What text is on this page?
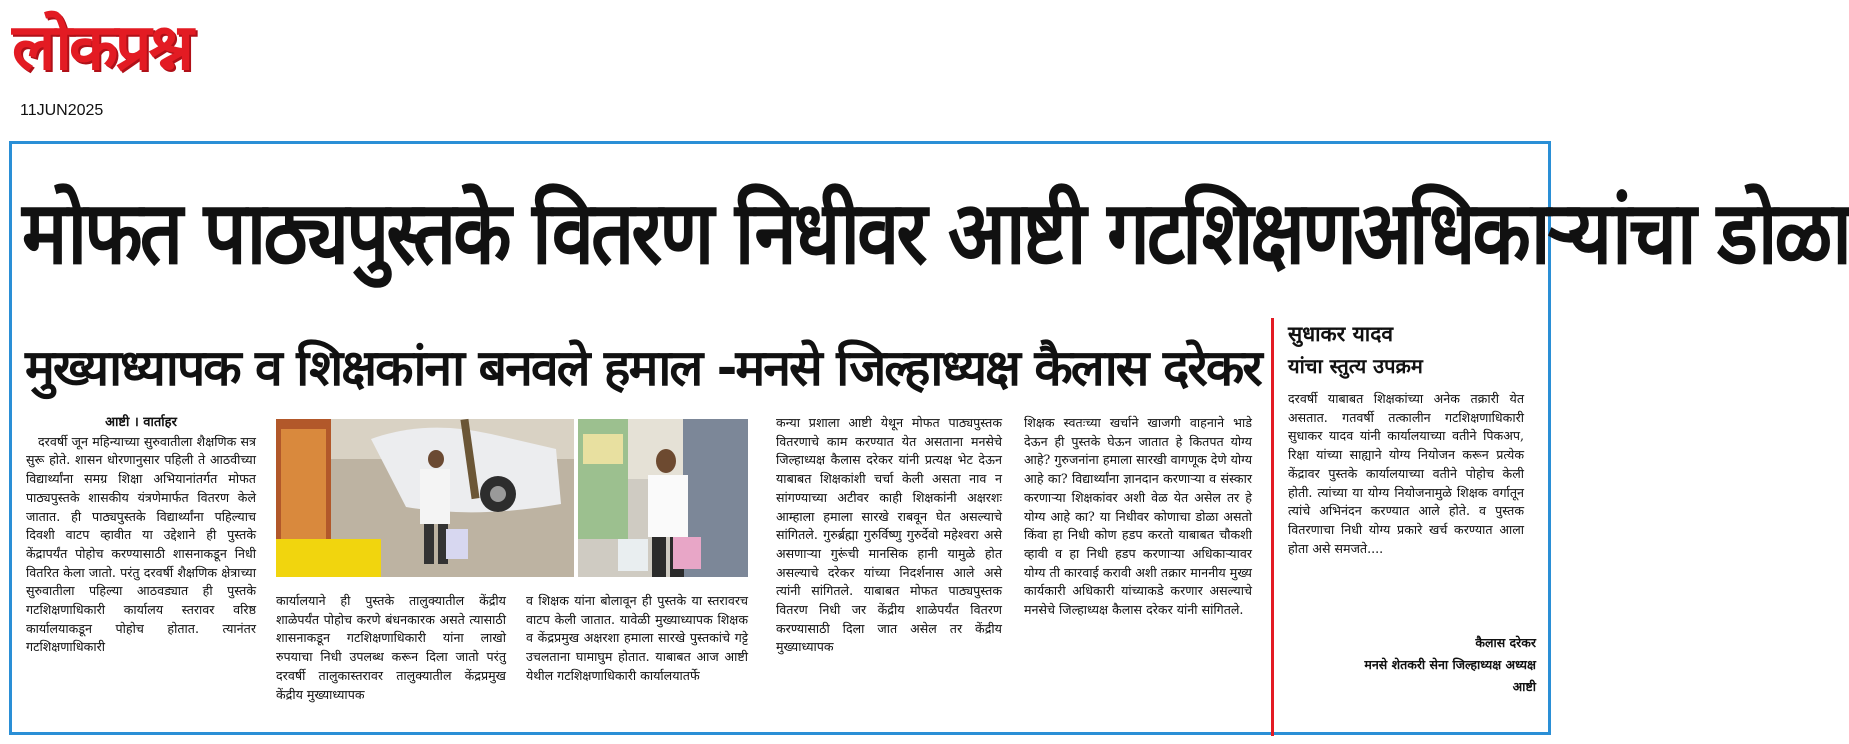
लोकप्रश्न
11JUN2025
मोफत पाठ्यपुस्तके वितरण निधीवर आष्टी गटशिक्षणअधिकाऱ्यांचा डोळा
मुख्याध्यापक व शिक्षकांना बनवले हमाल -मनसे जिल्हाध्यक्ष कैलास दरेकर

आष्टी । वार्ताहर

दरवर्षी जून महिन्याच्या सुरुवातीला शैक्षणिक सत्र सुरू होते. शासन धोरणानुसार पहिली ते आठवीच्या विद्यार्थ्यांना समग्र शिक्षा अभियानांतर्गत मोफत पाठ्यपुस्तके शासकीय यंत्रणेमार्फत वितरण केले जातात. ही पाठ्यपुस्तके विद्यार्थ्यांना पहिल्याच दिवशी वाटप व्हावीत या उद्देशाने ही पुस्तके केंद्रापर्यंत पोहोच करण्यासाठी शासनाकडून निधी वितरित केला जातो. परंतु दरवर्षी शैक्षणिक क्षेत्राच्या सुरुवातीला पहिल्या आठवड्यात ही पुस्तके गटशिक्षणाधिकारी कार्यालय स्तरावर वरिष्ठ कार्यालयाकडून पोहोच होतात. त्यानंतर गटशिक्षणाधिकारी

कार्यालयाने ही पुस्तके तालुक्यातील केंद्रीय शाळेपर्यंत पोहोच करणे बंधनकारक असते त्यासाठी शासनाकडून गटशिक्षणाधिकारी यांना लाखो रुपयाचा निधी उपलब्ध करून दिला जातो परंतु दरवर्षी तालुकास्तरावर तालुक्यातील केंद्रप्रमुख केंद्रीय मुख्याध्यापक

व शिक्षक यांना बोलावून ही पुस्तके या स्तरावरच वाटप केली जातात. यावेळी मुख्याध्यापक शिक्षक व केंद्रप्रमुख अक्षरशा हमाला सारखे पुस्तकांचे गट्टे उचलताना घामाघुम होतात. याबाबत आज आष्टी येथील गटशिक्षणाधिकारी कार्यालयातर्फे

कन्या प्रशाला आष्टी येथून मोफत पाठ्यपुस्तक वितरणाचे काम करण्यात येत असताना मनसेचे जिल्हाध्यक्ष कैलास दरेकर यांनी प्रत्यक्ष भेट देऊन याबाबत शिक्षकांशी चर्चा केली असता नाव न सांगण्याच्या अटीवर काही शिक्षकांनी अक्षरशः आम्हाला हमाला सारखे राबवून घेत असल्याचे सांगितले. गुरुर्ब्रह्मा गुरुर्विष्णु गुरुर्देवो महेश्वरा असे असणाऱ्या गुरूंची मानसिक हानी यामुळे होत असल्याचे दरेकर यांच्या निदर्शनास आले असे त्यांनी सांगितले. याबाबत मोफत पाठ्यपुस्तक वितरण निधी जर केंद्रीय शाळेपर्यंत वितरण करण्यासाठी दिला जात असेल तर केंद्रीय मुख्याध्यापक

शिक्षक स्वतःच्या खर्चाने खाजगी वाहनाने भाडे देऊन ही पुस्तके घेऊन जातात हे कितपत योग्य आहे? गुरुजनांना हमाला सारखी वागणूक देणे योग्य आहे का? विद्यार्थ्यांना ज्ञानदान करणाऱ्या व संस्कार करणाऱ्या शिक्षकांवर अशी वेळ येत असेल तर हे योग्य आहे का? या निधीवर कोणाचा डोळा असतो किंवा हा निधी कोण हडप करतो याबाबत चौकशी व्हावी व हा निधी हडप करणाऱ्या अधिकाऱ्यावर योग्य ती कारवाई करावी अशी तक्रार माननीय मुख्य कार्यकारी अधिकारी यांच्याकडे करणार असल्याचे मनसेचे जिल्हाध्यक्ष कैलास दरेकर यांनी सांगितले.

सुधाकर यादव
यांचा स्तुत्य उपक्रम

दरवर्षी याबाबत शिक्षकांच्या अनेक तक्रारी येत असतात. गतवर्षी तत्कालीन गटशिक्षणाधिकारी सुधाकर यादव यांनी कार्यालयाच्या वतीने पिकअप, रिक्षा यांच्या साह्याने योग्य नियोजन करून प्रत्येक केंद्रावर पुस्तके कार्यालयाच्या वतीने पोहोच केली होती. त्यांच्या या योग्य नियोजनामुळे शिक्षक वर्गातून त्यांचे अभिनंदन करण्यात आले होते. व पुस्तक वितरणाचा निधी योग्य प्रकारे खर्च करण्यात आला होता असे समजते....

कैलास दरेकर
मनसे शेतकरी सेना जिल्हाध्यक्ष अध्यक्ष
आष्टी
